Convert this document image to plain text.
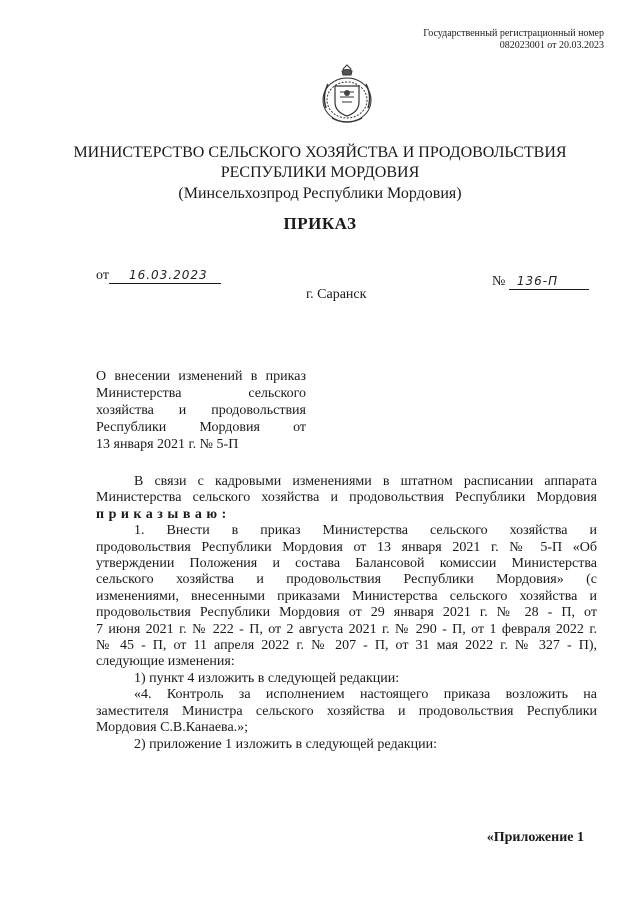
Государственный регистрационный номер
082023001 от 20.03.2023
МИНИСТЕРСТВО СЕЛЬСКОГО ХОЗЯЙСТВА И ПРОДОВОЛЬСТВИЯ
РЕСПУБЛИКИ МОРДОВИЯ
(Минсельхозпрод Республики Мордовия)
ПРИКАЗ
от 16.03.2023	№ 136-П
г. Саранск
О внесении изменений в приказ
Министерства сельского
хозяйства и продовольствия
Республики Мордовия от
13 января 2021 г. № 5-П
В связи с кадровыми изменениями в штатном расписании аппарата
Министерства сельского хозяйства и продовольствия Республики Мордовия
приказываю:
1. Внести в приказ Министерства сельского хозяйства и
продовольствия Республики Мордовия от 13 января 2021 г. № 5-П «Об
утверждении Положения и состава Балансовой комиссии Министерства
сельского хозяйства и продовольствия Республики Мордовия» (с
изменениями, внесенными приказами Министерства сельского хозяйства и
продовольствия Республики Мордовия от 29 января 2021 г. № 28 - П, от
7 июня 2021 г. № 222 - П, от 2 августа 2021 г. № 290 - П, от 1 февраля 2022 г.
№ 45 - П, от 11 апреля 2022 г. № 207 - П, от 31 мая 2022 г. № 327 - П),
следующие изменения:
1) пункт 4 изложить в следующей редакции:
«4. Контроль за исполнением настоящего приказа возложить на
заместителя Министра сельского хозяйства и продовольствия Республики
Мордовия С.В.Канаева.»;
2) приложение 1 изложить в следующей редакции:
«Приложение 1
